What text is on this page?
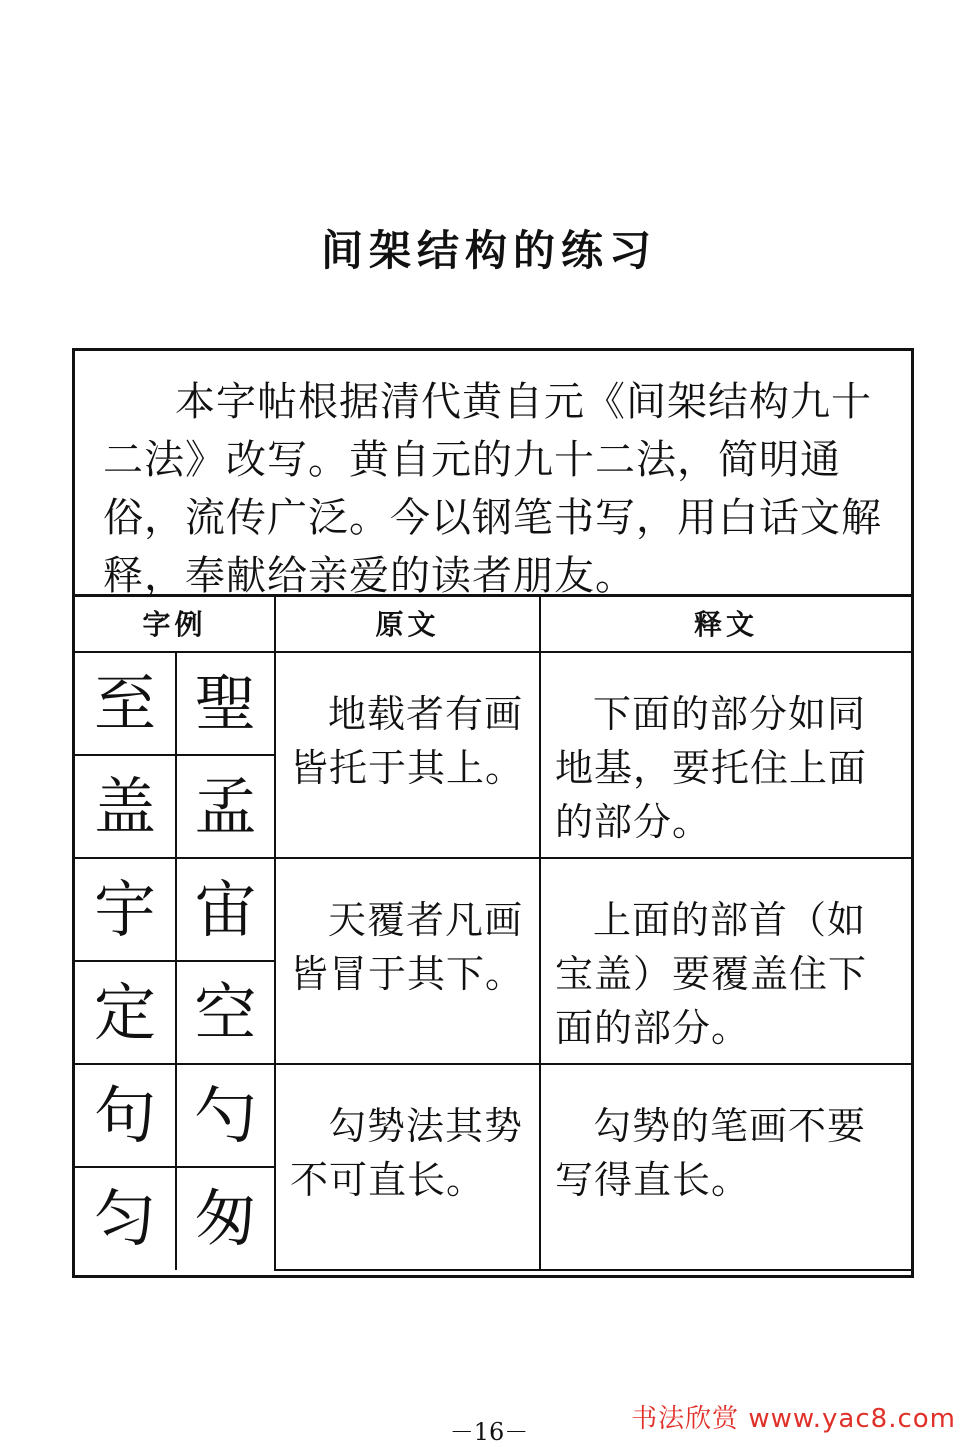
间架结构的练习

本字帖根据清代黄自元《间架结构九十二法》改写。黄自元的九十二法，简明通俗，流传广泛。今以钢笔书写，用白话文解释，奉献给亲爱的读者朋友。

字例		原文	释文
至	聖	地载者有画皆托于其上。	下面的部分如同地基，要托住上面的部分。

盖	孟		
宇	宙	天覆者凡画皆冒于其下。	上面的部首（如宝盖）要覆盖住下面的部分。

定	空		
句	勺	勾㔟法其势不可直长。	勾㔟的笔画不要写得直长。

匀	匆		
－16－	书法欣赏 www.yac8.com
